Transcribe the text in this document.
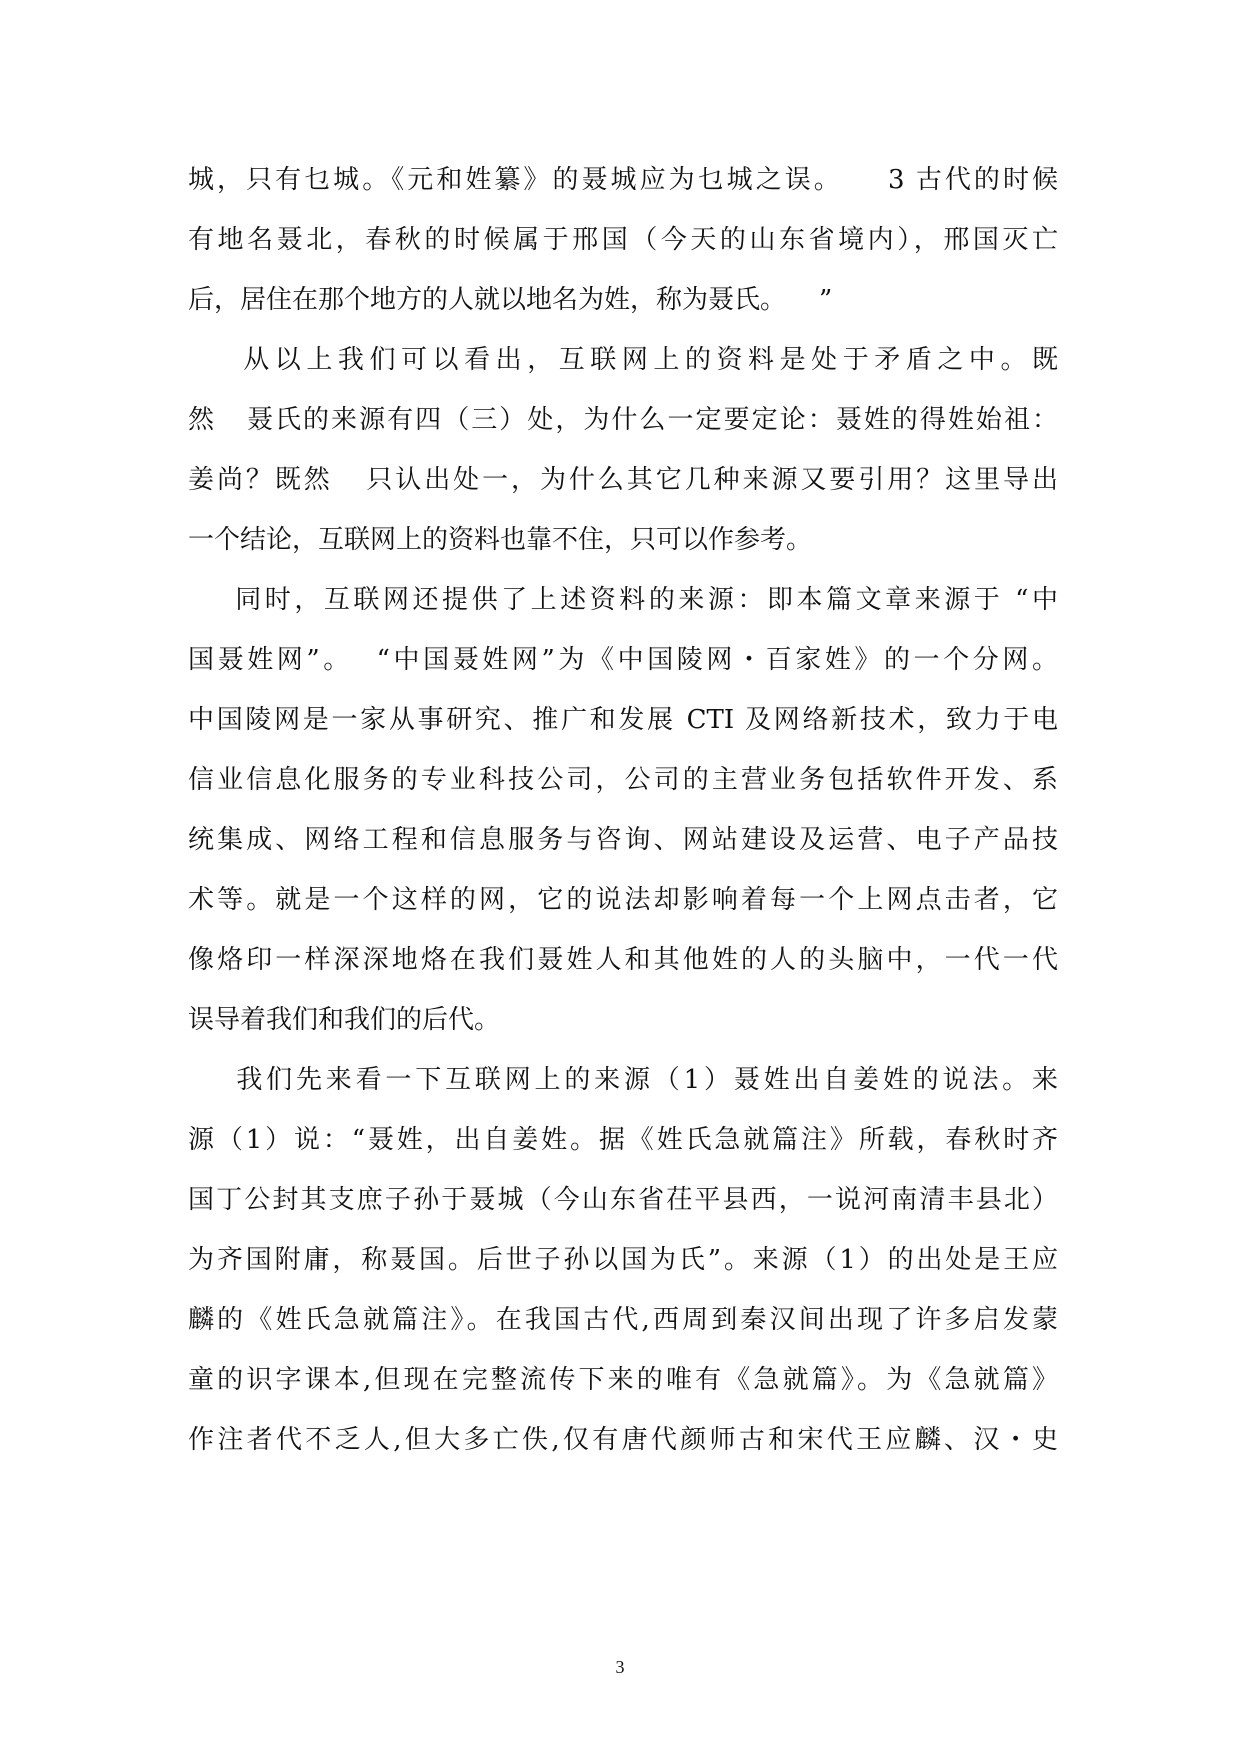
城，只有乜城。《元和姓纂》的聂城应为乜城之误。    3 古代的时候
有地名聂北，春秋的时候属于邢国（今天的山东省境内），邢国灭亡
后，居住在那个地方的人就以地名为姓，称为聂氏。    ”
从以上我们可以看出，互联网上的资料是处于矛盾之中。既
然   聂氏的来源有四（三）处，为什么一定要定论：聂姓的得姓始祖：
姜尚？既然   只认出处一，为什么其它几种来源又要引用？这里导出
一个结论，互联网上的资料也靠不住，只可以作参考。
同时，互联网还提供了上述资料的来源：即本篇文章来源于 “中
国聂姓网”。  “中国聂姓网”为《中国陵网・百家姓》的一个分网。
中国陵网是一家从事研究、推广和发展 CTI 及网络新技术，致力于电
信业信息化服务的专业科技公司，公司的主营业务包括软件开发、系
统集成、网络工程和信息服务与咨询、网站建设及运营、电子产品技
术等。就是一个这样的网，它的说法却影响着每一个上网点击者，它
像烙印一样深深地烙在我们聂姓人和其他姓的人的头脑中，一代一代
误导着我们和我们的后代。
我们先来看一下互联网上的来源（1）聂姓出自姜姓的说法。来
源（1）说：“聂姓，出自姜姓。据《姓氏急就篇注》所载，春秋时齐
国丁公封其支庶子孙于聂城（今山东省茌平县西，一说河南清丰县北）
为齐国附庸，称聂国。后世子孙以国为氏”。来源（1）的出处是王应
麟的《姓氏急就篇注》。在我国古代,西周到秦汉间出现了许多启发蒙
童的识字课本,但现在完整流传下来的唯有《急就篇》。为《急就篇》
作注者代不乏人,但大多亡佚,仅有唐代颜师古和宋代王应麟、汉・史
3
